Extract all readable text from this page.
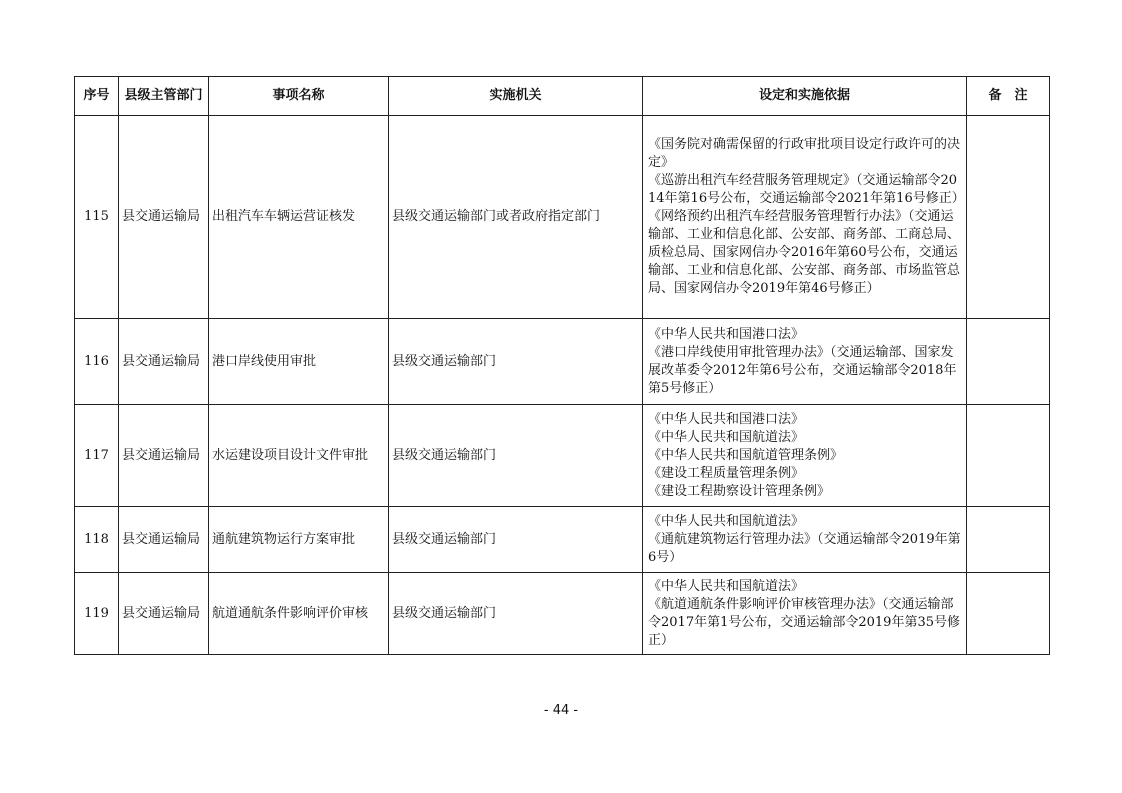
序号	县级主管部门	事项名称	实施机关	设定和实施依据	备　注
115	县交通运输局	出租汽车车辆运营证核发	县级交通运输部门或者政府指定部门	《国务院对确需保留的行政审批项目设定行政许可的决定》
《巡游出租汽车经营服务管理规定》（交通运输部令2014年第16号公布，交通运输部令2021年第16号修正）
《网络预约出租汽车经营服务管理暂行办法》（交通运输部、工业和信息化部、公安部、商务部、工商总局、质检总局、国家网信办令2016年第60号公布，交通运输部、工业和信息化部、公安部、商务部、市场监管总局、国家网信办令2019年第46号修正）	

116	县交通运输局	港口岸线使用审批	县级交通运输部门	《中华人民共和国港口法》
《港口岸线使用审批管理办法》（交通运输部、国家发展改革委令2012年第6号公布，交通运输部令2018年第5号修正）	

117	县交通运输局	水运建设项目设计文件审批	县级交通运输部门	《中华人民共和国港口法》
《中华人民共和国航道法》
《中华人民共和国航道管理条例》
《建设工程质量管理条例》
《建设工程勘察设计管理条例》	

118	县交通运输局	通航建筑物运行方案审批	县级交通运输部门	《中华人民共和国航道法》
《通航建筑物运行管理办法》（交通运输部令2019年第6号）	

119	县交通运输局	航道通航条件影响评价审核	县级交通运输部门	《中华人民共和国航道法》
《航道通航条件影响评价审核管理办法》（交通运输部令2017年第1号公布，交通运输部令2019年第35号修正）	

- 44 -
